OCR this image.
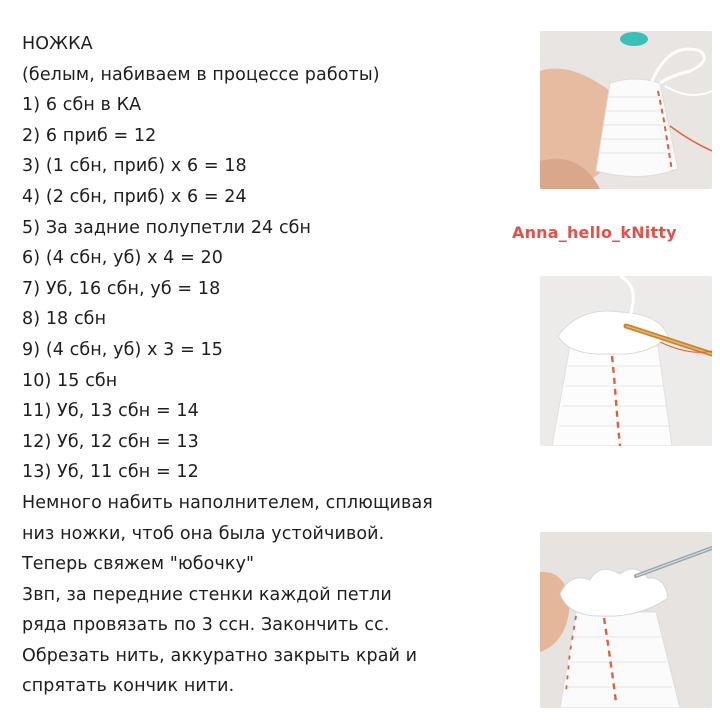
НОЖКА
(белым, набиваем в процессе работы)
1) 6 сбн в КА
2) 6 приб = 12
3) (1 сбн, приб) х 6 = 18
4) (2 сбн, приб) х 6 = 24
5) За задние полупетли 24 сбн
6) (4 сбн, уб) х 4 = 20
7) Уб, 16 сбн, уб = 18
8) 18 сбн
9) (4 сбн, уб) х 3 = 15
10) 15 сбн
11) Уб, 13 сбн = 14
12) Уб, 12 сбн = 13
13) Уб, 11 сбн = 12
Немного набить наполнителем, сплющивая
низ ножки, чтоб она была устойчивой.
Теперь свяжем "юбочку"
3вп, за передние стенки каждой петли
ряда провязать по 3 ссн. Закончить сс.
Обрезать нить, аккуратно закрыть край и
спрятать кончик нити.
Anna_hello_kNitty
